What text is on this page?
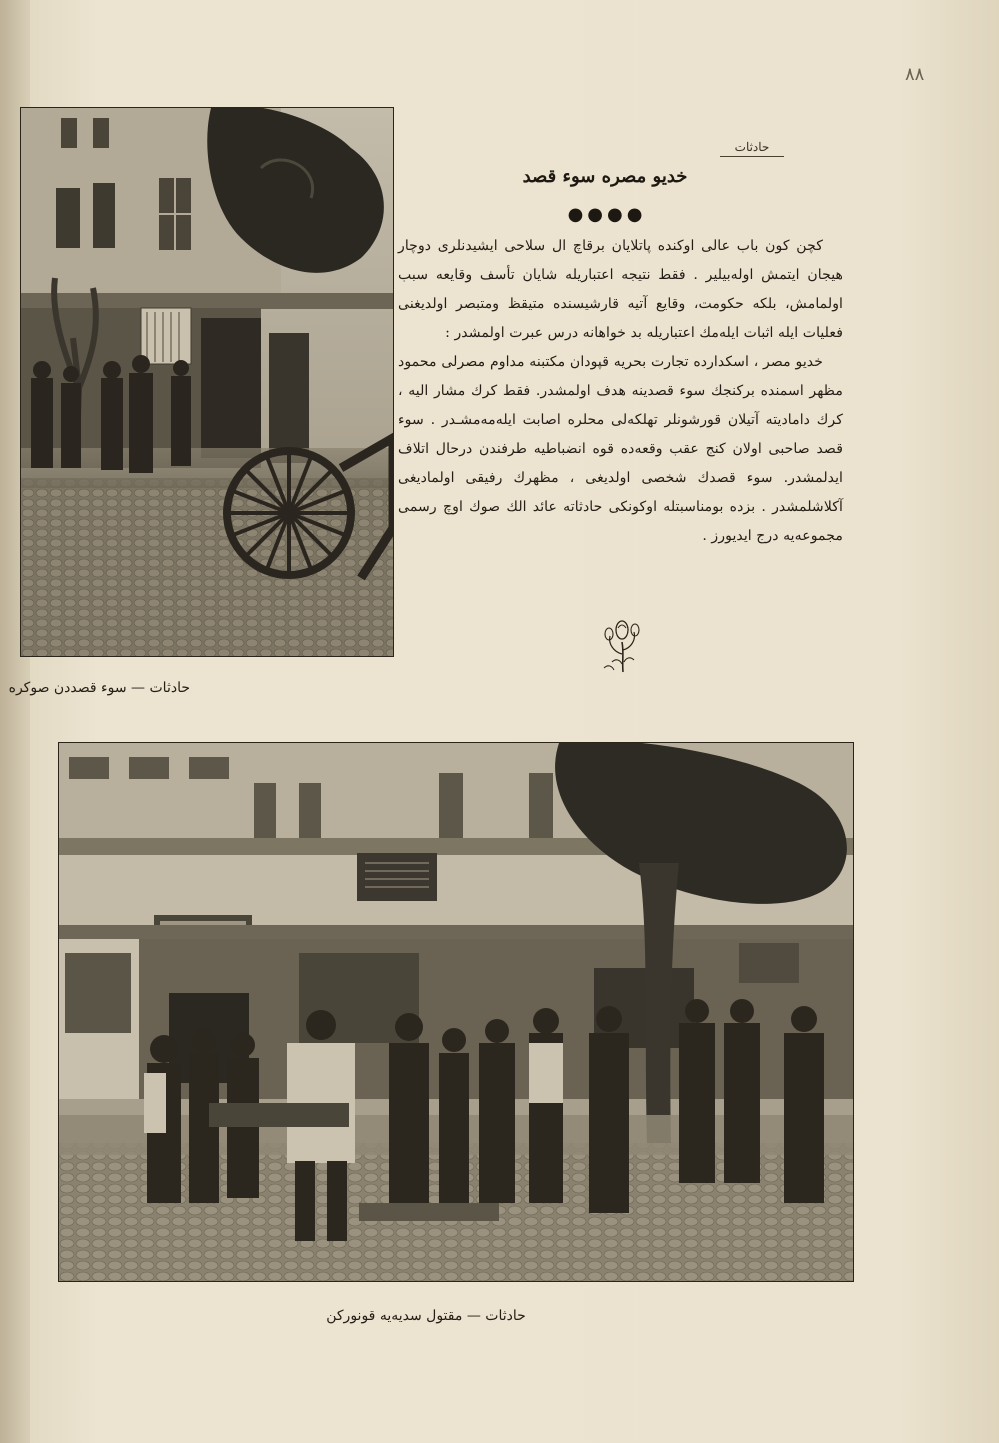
٨٨
حادثات
خديو مصره سوء قصد
●●●●

كچن كون باب عالى اوكنده پاتلايان برقاچ ال سلاحى ايشيدنلرى دوچار هيجان ايتمش اولەبيلير . فقط نتيجه اعتباريله شايان تأسف وقايعه سبب اولمامش، بلكه حكومت، وقايع آتيه قارشيسنده متيقظ ومتبصر اولديغنى فعليات ايله اثبات ايلەمك اعتباريله بد خواهانه درس عبرت اولمشدر :

خديو مصر ، اسكدارده تجارت بحريه قپودان مكتبنه مداوم مصرلى محمود مظهر اسمنده بركنجك سوء قصدينه هدف اولمشدر. فقط كرك مشار اليه ، كرك داماديته آتيلان قورشونلر تهلكه‌لى محلره اصابت ايلەمەمشـدر . سوء قصد صاحبى اولان كنج عقب وقعه‌ده قوه انضباطيه طرفندن درحال اتلاف ايدلمشدر. سوء قصدك شخصى اولديغى ، مظهرك رفيقى اولماديغى آكلاشلمشدر . بزده بومناسبتله اوكونكى حادثاته عائد الك صوك اوچ رسمى مجموعه‌يه درج ايديورز .

حادثات — سوء قصددن صوكره
حادثات — مقتول سديه‌يه قونوركن
